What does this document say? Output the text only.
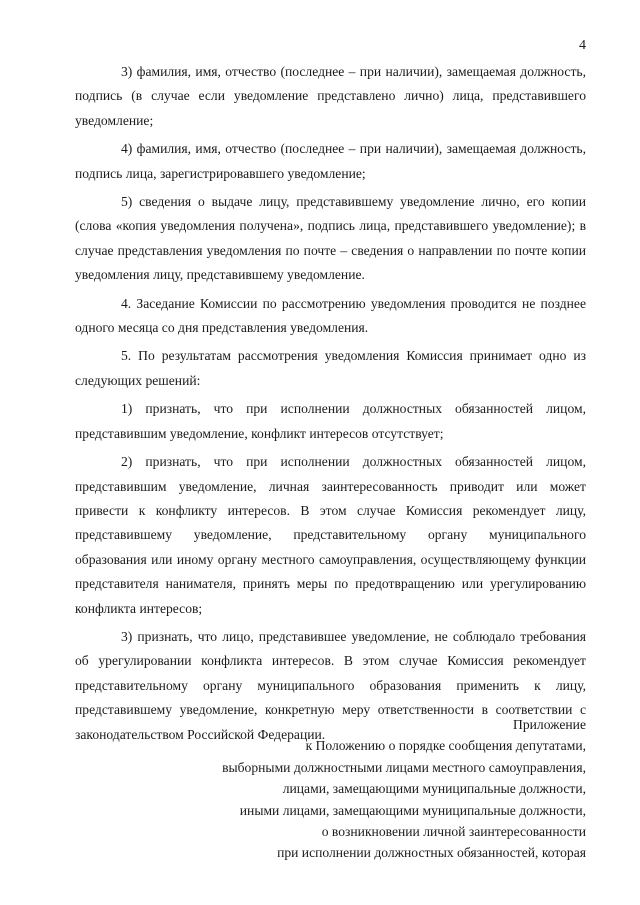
4

3) фамилия, имя, отчество (последнее – при наличии), замещаемая должность, подпись (в случае если уведомление представлено лично) лица, представившего уведомление;

4) фамилия, имя, отчество (последнее – при наличии), замещаемая должность, подпись лица, зарегистрировавшего уведомление;

5) сведения о выдаче лицу, представившему уведомление лично, его копии (слова «копия уведомления получена», подпись лица, представившего уведомление); в случае представления уведомления по почте – сведения о направлении по почте копии уведомления лицу, представившему уведомление.

4. Заседание Комиссии по рассмотрению уведомления проводится не позднее одного месяца со дня представления уведомления.

5. По результатам рассмотрения уведомления Комиссия принимает одно из следующих решений:

1) признать, что при исполнении должностных обязанностей лицом, представившим уведомление, конфликт интересов отсутствует;

2) признать, что при исполнении должностных обязанностей лицом, представившим уведомление, личная заинтересованность приводит или может привести к конфликту интересов. В этом случае Комиссия рекомендует лицу, представившему уведомление, представительному органу муниципального образования или иному органу местного самоуправления, осуществляющему функции представителя нанимателя, принять меры по предотвращению или урегулированию конфликта интересов;

3) признать, что лицо, представившее уведомление, не соблюдало требования об урегулировании конфликта интересов. В этом случае Комиссия рекомендует представительному органу муниципального образования применить к лицу, представившему уведомление, конкретную меру ответственности в соответствии с законодательством Российской Федерации.

Приложение
к Положению о порядке сообщения депутатами,
выборными должностными лицами местного самоуправления,
лицами, замещающими муниципальные должности,
иными лицами, замещающими муниципальные должности,
о возникновении личной заинтересованности
при исполнении должностных обязанностей, которая
